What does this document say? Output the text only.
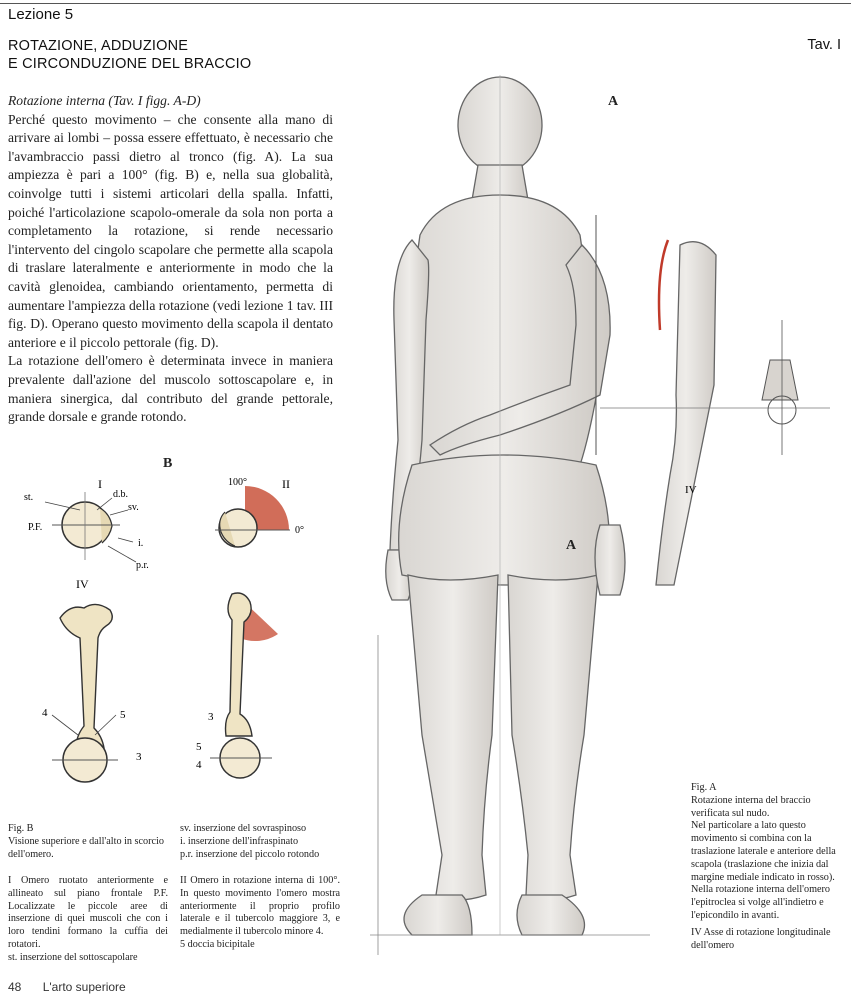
Lezione 5
ROTAZIONE, ADDUZIONE
E CIRCONDUZIONE DEL BRACCIO
Tav. I

Rotazione interna (Tav. I figg. A-D)

Perché questo movimento – che consente alla mano di arrivare ai lombi – possa essere effettuato, è necessario che l'avambraccio passi dietro al tronco (fig. A). La sua ampiezza è pari a 100° (fig. B) e, nella sua globalità, coinvolge tutti i sistemi articolari della spalla. Infatti, poiché l'articolazione scapolo-omerale da sola non porta a completamento la rotazione, si rende necessario l'intervento del cingolo scapolare che permette alla scapola di traslare lateralmente e anteriormente in modo che la cavità glenoidea, cambiando orientamento, permetta di aumentare l'ampiezza della rotazione (vedi lezione 1 tav. III fig. D). Operano questo movimento della scapola il dentato anteriore e il piccolo pettorale (fig. D).

La rotazione dell'omero è determinata invece in maniera prevalente dall'azione del muscolo sottoscapolare e, in maniera sinergica, dal contributo del grande pettorale, grande dorsale e grande rotondo.

B
I
st.	d.b.
sv.
P.F.
i.
p.r.
100°	II
0°
IV
4	5
3
3
5
4
IV
A
A

Fig. B

Visione superiore e dall'alto in scorcio dell'omero.

I Omero ruotato anteriormente e allineato sul piano frontale P.F. Localizzate le piccole aree di inserzione di quei muscoli che con i loro tendini formano la cuffia dei rotatori.

st. inserzione del sottoscapolare

sv. inserzione del sovraspinoso

i. inserzione dell'infraspinato

p.r. inserzione del piccolo rotondo

II Omero in rotazione interna di 100°. In questo movimento l'omero mostra anteriormente il proprio profilo laterale e il tubercolo maggiore 3, e medialmente il tubercolo minore 4.

5 doccia bicipitale

Fig. A

Rotazione interna del braccio verificata sul nudo.

Nel particolare a lato questo movimento si combina con la traslazione laterale e anteriore della scapola (traslazione che inizia dal margine mediale indicato in rosso).

Nella rotazione interna dell'omero l'epitroclea si volge all'indietro e l'epicondilo in avanti.

IV Asse di rotazione longitudinale dell'omero

48 L'arto superiore
